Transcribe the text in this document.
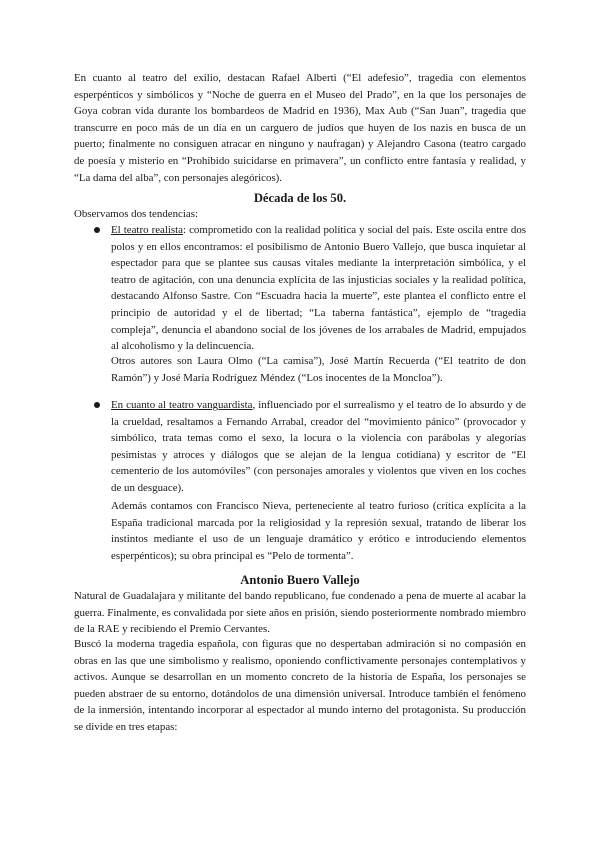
En cuanto al teatro del exilio, destacan Rafael Alberti (“El adefesio”, tragedia con elementos esperpénticos y simbólicos y “Noche de guerra en el Museo del Prado”, en la que los personajes de Goya cobran vida durante los bombardeos de Madrid en 1936), Max Aub (“San Juan”, tragedia que transcurre en poco más de un día en un carguero de judíos que huyen de los nazis en busca de un puerto; finalmente no consiguen atracar en ninguno y naufragan) y Alejandro Casona (teatro cargado de poesía y misterio en “Prohibido suicidarse en primavera”, un conflicto entre fantasía y realidad, y “La dama del alba”, con personajes alegóricos).

Década de los 50.

Observamos dos tendencias:

El teatro realista: comprometido con la realidad política y social del país. Este oscila entre dos polos y en ellos encontramos: el posibilismo de Antonio Buero Vallejo, que busca inquietar al espectador para que se plantee sus causas vitales mediante la interpretación simbólica, y el teatro de agitación, con una denuncia explícita de las injusticias sociales y la realidad política, destacando Alfonso Sastre. Con “Escuadra hacia la muerte”, este plantea el conflicto entre el principio de autoridad y el de libertad; “La taberna fantástica”, ejemplo de “tragedia compleja”, denuncia el abandono social de los jóvenes de los arrabales de Madrid, empujados al alcoholismo y la delincuencia.

Otros autores son Laura Olmo (“La camisa”), José Martín Recuerda (“El teatrito de don Ramón”) y José María Rodríguez Méndez (“Los inocentes de la Moncloa”).

En cuanto al teatro vanguardista, influenciado por el surrealismo y el teatro de lo absurdo y de la crueldad, resaltamos a Fernando Arrabal, creador del “movimiento pánico” (provocador y simbólico, trata temas como el sexo, la locura o la violencia con parábolas y alegorías pesimistas y atroces y diálogos que se alejan de la lengua cotidiana) y escritor de “El cementerio de los automóviles” (con personajes amorales y violentos que viven en los coches de un desguace).

Además contamos con Francisco Nieva, perteneciente al teatro furioso (crítica explícita a la España tradicional marcada por la religiosidad y la represión sexual, tratando de liberar los instintos mediante el uso de un lenguaje dramático y erótico e introduciendo elementos esperpénticos); su obra principal es “Pelo de tormenta”.

Antonio Buero Vallejo

Natural de Guadalajara y militante del bando republicano, fue condenado a pena de muerte al acabar la guerra. Finalmente, es convalidada por siete años en prisión, siendo posteriormente nombrado miembro de la RAE y recibiendo el Premio Cervantes.

Buscó la moderna tragedia española, con figuras que no despertaban admiración si no compasión en obras en las que une simbolismo y realismo, oponiendo conflictivamente personajes contemplativos y activos. Aunque se desarrollan en un momento concreto de la historia de España, los personajes se pueden abstraer de su entorno, dotándolos de una dimensión universal. Introduce también el fenómeno de la inmersión, intentando incorporar al espectador al mundo interno del protagonista. Su producción se divide en tres etapas:
